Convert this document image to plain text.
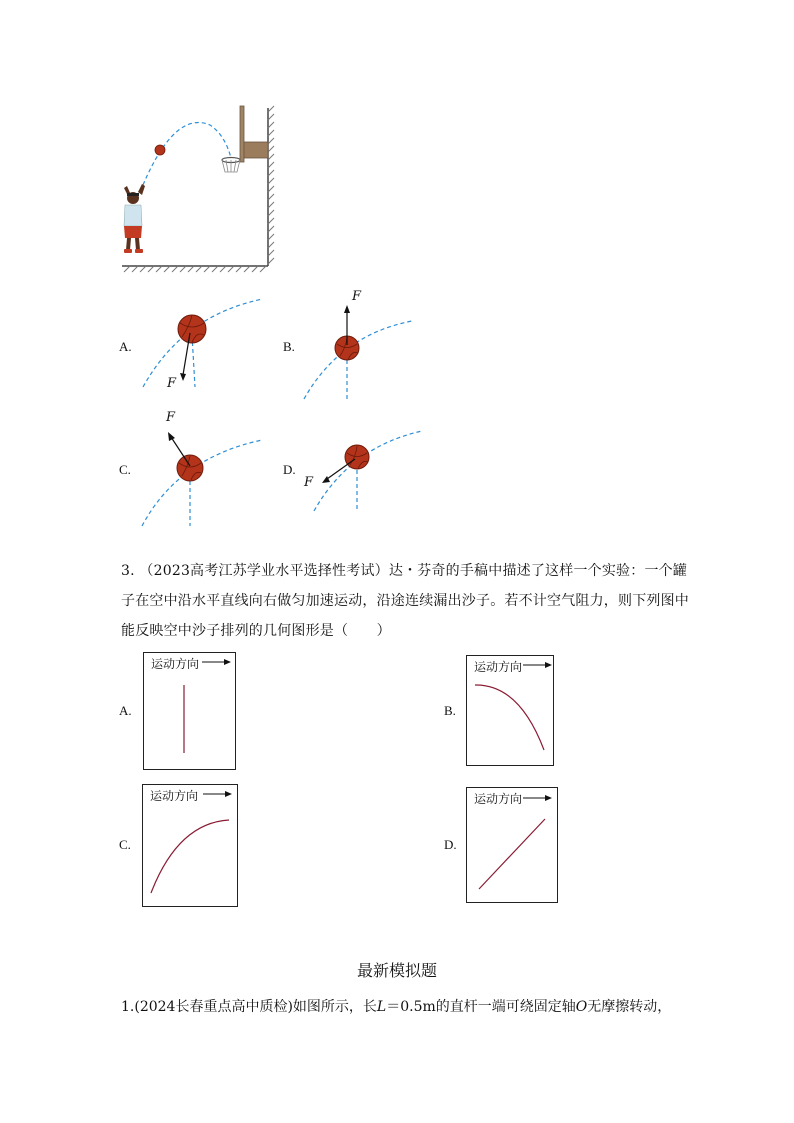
A.
F
B.
F
C.
F
D.
F
3. （2023高考江苏学业水平选择性考试）达・芬奇的手稿中描述了这样一个实验：一个罐
子在空中沿水平直线向右做匀加速运动，沿途连续漏出沙子。若不计空气阻力，则下列图中
能反映空中沙子排列的几何图形是（　　）
A.
运动方向
B.
运动方向
C.
运动方向
D.
运动方向
最新模拟题
1.(2024长春重点高中质检)如图所示，长L＝0.5m的直杆一端可绕固定轴O无摩擦转动，
